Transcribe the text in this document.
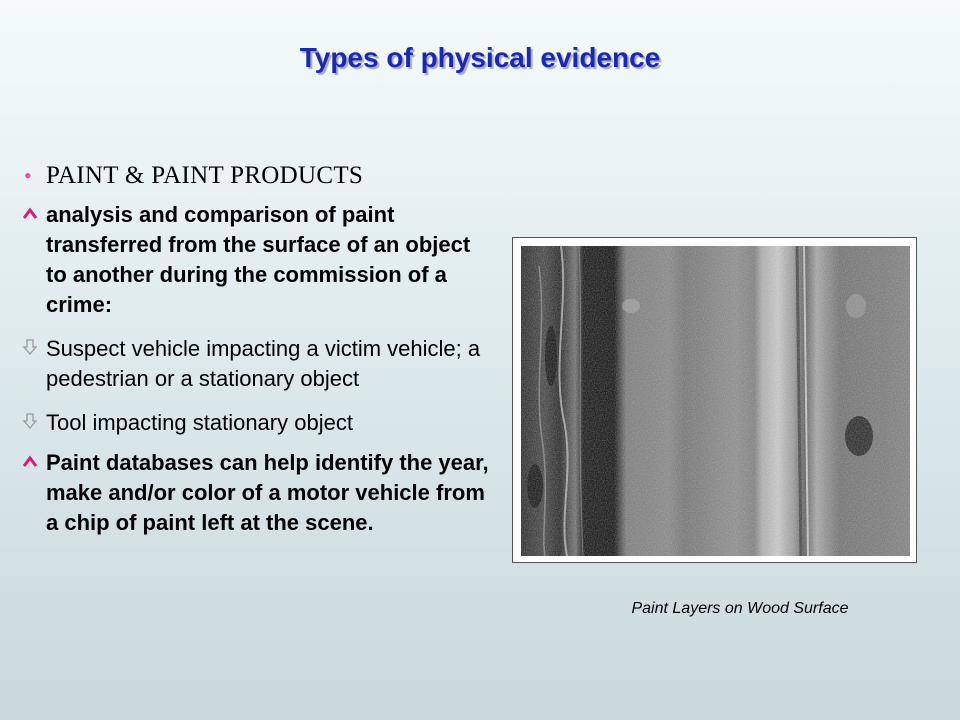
Types of physical evidence
• PAINT & PAINT PRODUCTS
analysis and comparison of paint transferred from the surface of an object to another during the commission of a crime:
Suspect vehicle impacting a victim vehicle; a pedestrian or a stationary object
Tool impacting stationary object
Paint databases can help identify the year, make and/or color of a motor vehicle from a chip of paint left at the scene.
Paint Layers on Wood Surface
